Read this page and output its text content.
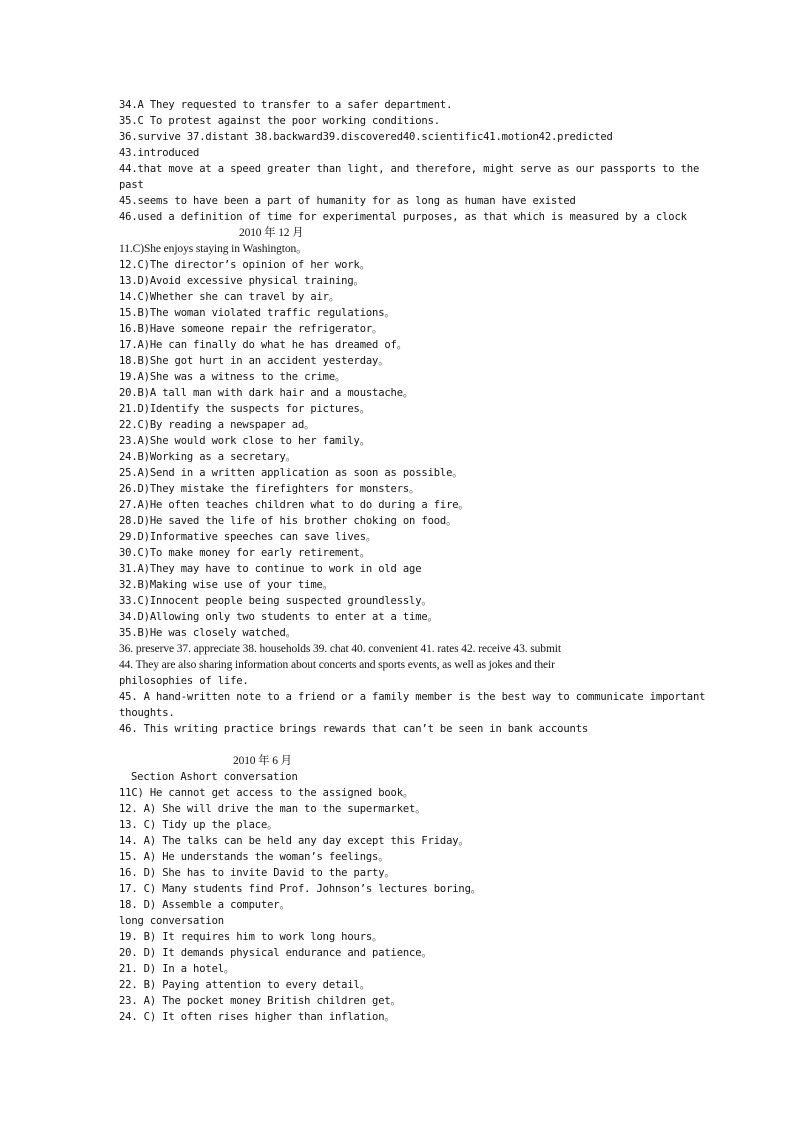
34.A They requested to transfer to a safer department.
35.C To protest against the poor working conditions.
36.survive 37.distant 38.backward39.discovered40.scientific41.motion42.predicted
43.introduced
44.that move at a speed greater than light, and therefore, might serve as our passports to the
past
45.seems to have been a part of humanity for as long as human have existed
46.used a definition of time for experimental purposes, as that which is measured by a clock
2010 年 12 月
11.C)She enjoys staying in Washington。
12.C)The director’s opinion of her work。
13.D)Avoid excessive physical training。
14.C)Whether she can travel by air。
15.B)The woman violated traffic regulations。
16.B)Have someone repair the refrigerator。
17.A)He can finally do what he has dreamed of。
18.B)She got hurt in an accident yesterday。
19.A)She was a witness to the crime。
20.B)A tall man with dark hair and a moustache。
21.D)Identify the suspects for pictures。
22.C)By reading a newspaper ad。
23.A)She would work close to her family。
24.B)Working as a secretary。
25.A)Send in a written application as soon as possible。
26.D)They mistake the firefighters for monsters。
27.A)He often teaches children what to do during a fire。
28.D)He saved the life of his brother choking on food。
29.D)Informative speeches can save lives。
30.C)To make money for early retirement。
31.A)They may have to continue to work in old age
32.B)Making wise use of your time。
33.C)Innocent people being suspected groundlessly。
34.D)Allowing only two students to enter at a time。
35.B)He was closely watched。
36. preserve 37. appreciate 38. households 39. chat 40. convenient 41. rates 42. receive 43. submit
44. They are also sharing information about concerts and sports events, as well as jokes and their
philosophies of life.
45. A hand-written note to a friend or a family member is the best way to communicate important
thoughts.
46. This writing practice brings rewards that can’t be seen in bank accounts
2010 年 6 月
Section Ashort conversation
11C) He cannot get access to the assigned book。
12. A) She will drive the man to the supermarket。
13. C) Tidy up the place。
14. A) The talks can be held any day except this Friday。
15. A) He understands the woman’s feelings。
16. D) She has to invite David to the party。
17. C) Many students find Prof. Johnson’s lectures boring。
18. D) Assemble a computer。
long conversation
19. B) It requires him to work long hours。
20. D) It demands physical endurance and patience。
21. D) In a hotel。
22. B) Paying attention to every detail。
23. A) The pocket money British children get。
24. C) It often rises higher than inflation。
